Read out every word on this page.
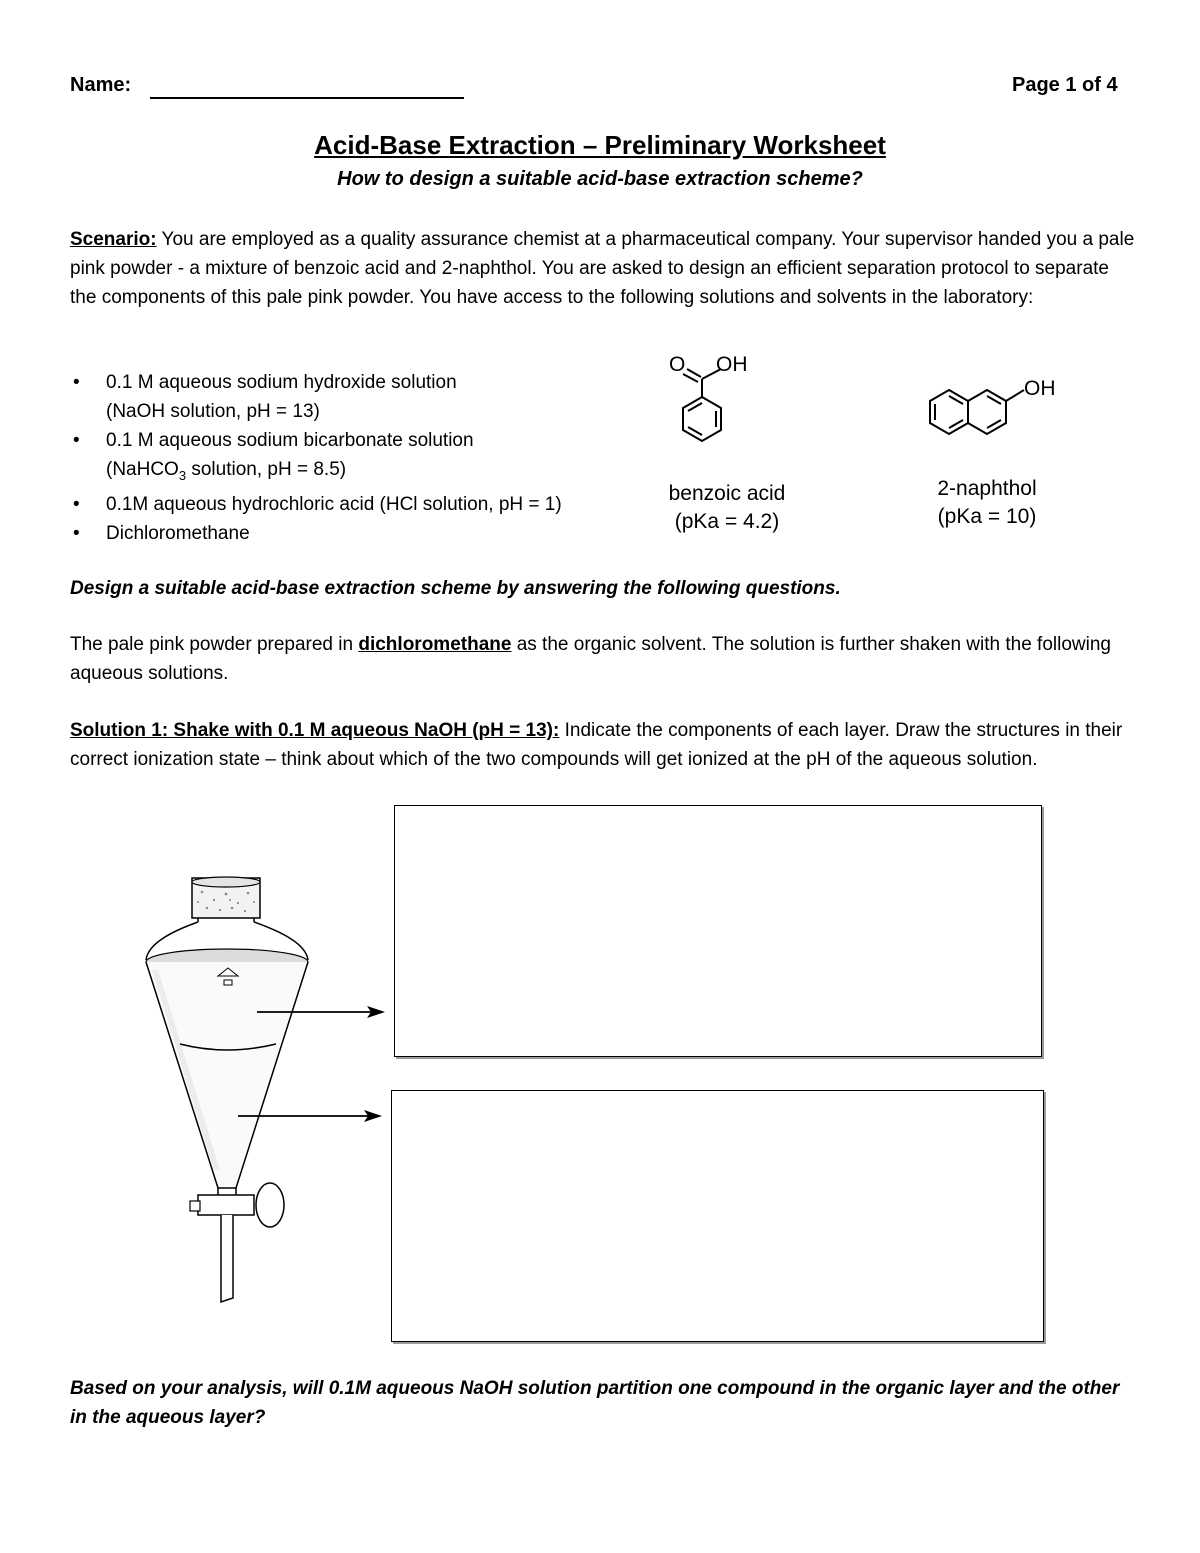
Name:	Page 1 of 4
Acid-Base Extraction – Preliminary Worksheet
How to design a suitable acid-base extraction scheme?
Scenario: You are employed as a quality assurance chemist at a pharmaceutical company. Your supervisor handed you a pale pink powder - a mixture of benzoic acid and 2-naphthol. You are asked to design an efficient separation protocol to separate the components of this pale pink powder. You have access to the following solutions and solvents in the laboratory:
• 0.1 M aqueous sodium hydroxide solution
(NaOH solution, pH = 13)
• 0.1 M aqueous sodium bicarbonate solution
(NaHCO$_3$ solution, pH = 8.5)
• 0.1M aqueous hydrochloric acid (HCl solution, pH = 1)
• Dichloromethane
O OH
benzoic acid
(pKa = 4.2)
OH
2-naphthol
(pKa = 10)
Design a suitable acid-base extraction scheme by answering the following questions.
The pale pink powder prepared in dichloromethane as the organic solvent. The solution is further shaken with the following aqueous solutions.
Solution 1: Shake with 0.1 M aqueous NaOH (pH = 13): Indicate the components of each layer. Draw the structures in their correct ionization state – think about which of the two compounds will get ionized at the pH of the aqueous solution.
Based on your analysis, will 0.1M aqueous NaOH solution partition one compound in the organic layer and the other in the aqueous layer?
